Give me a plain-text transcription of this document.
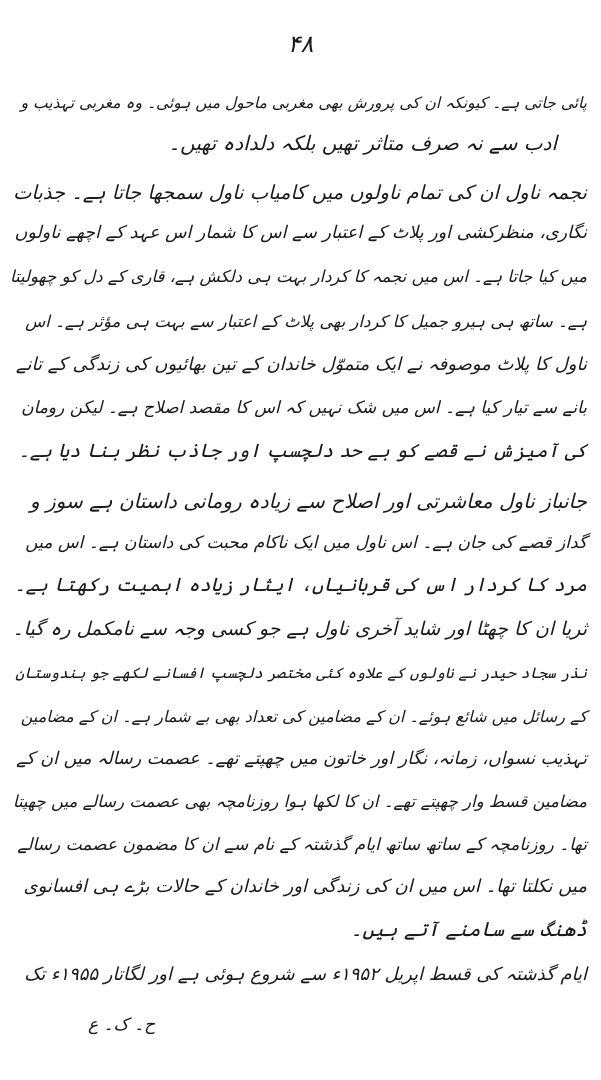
۴۸
پائی جاتی ہے۔ کیونکہ ان کی پرورش بھی مغربی ماحول میں ہوئی۔ وہ مغربی تہذیب و
ادب سے نہ صرف متاثر تھیں بلکہ دلدادہ تھیں۔
نجمہ ناول ان کی تمام ناولوں میں کامیاب ناول سمجھا جاتا ہے۔ جذبات
نگاری، منظرکشی اور پلاٹ کے اعتبار سے اس کا شمار اس عہد کے اچھے ناولوں
میں کیا جاتا ہے۔ اس میں نجمہ کا کردار بہت ہی دلکش ہے، قاری کے دل کو چھولیتا
ہے۔ ساتھ ہی ہیرو جمیل کا کردار بھی پلاٹ کے اعتبار سے بہت ہی مؤثر ہے۔ اس
ناول کا پلاٹ موصوفہ نے ایک متموّل خاندان کے تین بھائیوں کی زندگی کے تانے
بانے سے تیار کیا ہے۔ اس میں شک نہیں کہ اس کا مقصد اصلاح ہے۔ لیکن رومان
کی آمیزش نے قصے کو بے حد دلچسپ اور جاذب نظر بنا دیا ہے۔
جانباز ناول معاشرتی اور اصلاح سے زیادہ رومانی داستان ہے سوز و
گداز قصے کی جان ہے۔ اس ناول میں ایک ناکام محبت کی داستان ہے۔ اس میں
مرد کا کردار اس کی قربانیاں، ایثار زیادہ اہمیت رکھتا ہے۔
ثریا ان کا چھٹا اور شاید آخری ناول ہے جو کسی وجہ سے نامکمل رہ گیا۔
نذر سجاد حیدر نے ناولوں کے علاوہ کئی مختصر دلچسپ افسانے لکھے جو ہندوستان
کے رسائل میں شائع ہوئے۔ ان کے مضامین کی تعداد بھی بے شمار ہے۔ ان کے مضامین
تہذیب نسواں، زمانہ، نگار اور خاتون میں چھپتے تھے۔ عصمت رسالہ میں ان کے
مضامین قسط وار چھپتے تھے۔ ان کا لکھا ہوا روزنامچہ بھی عصمت رسالے میں چھپتا
تھا۔ روزنامچہ کے ساتھ ساتھ ایام گذشتہ کے نام سے ان کا مضمون عصمت رسالے
میں نکلتا تھا۔ اس میں ان کی زندگی اور خاندان کے حالات بڑے ہی افسانوی
ڈھنگ سے سامنے آتے ہیں۔
ایام گذشتہ کی قسط اپریل ۱۹۵۲ء سے شروع ہوئی ہے اور لگاتار ۱۹۵۵ء تک
ح۔ ک۔ ع
